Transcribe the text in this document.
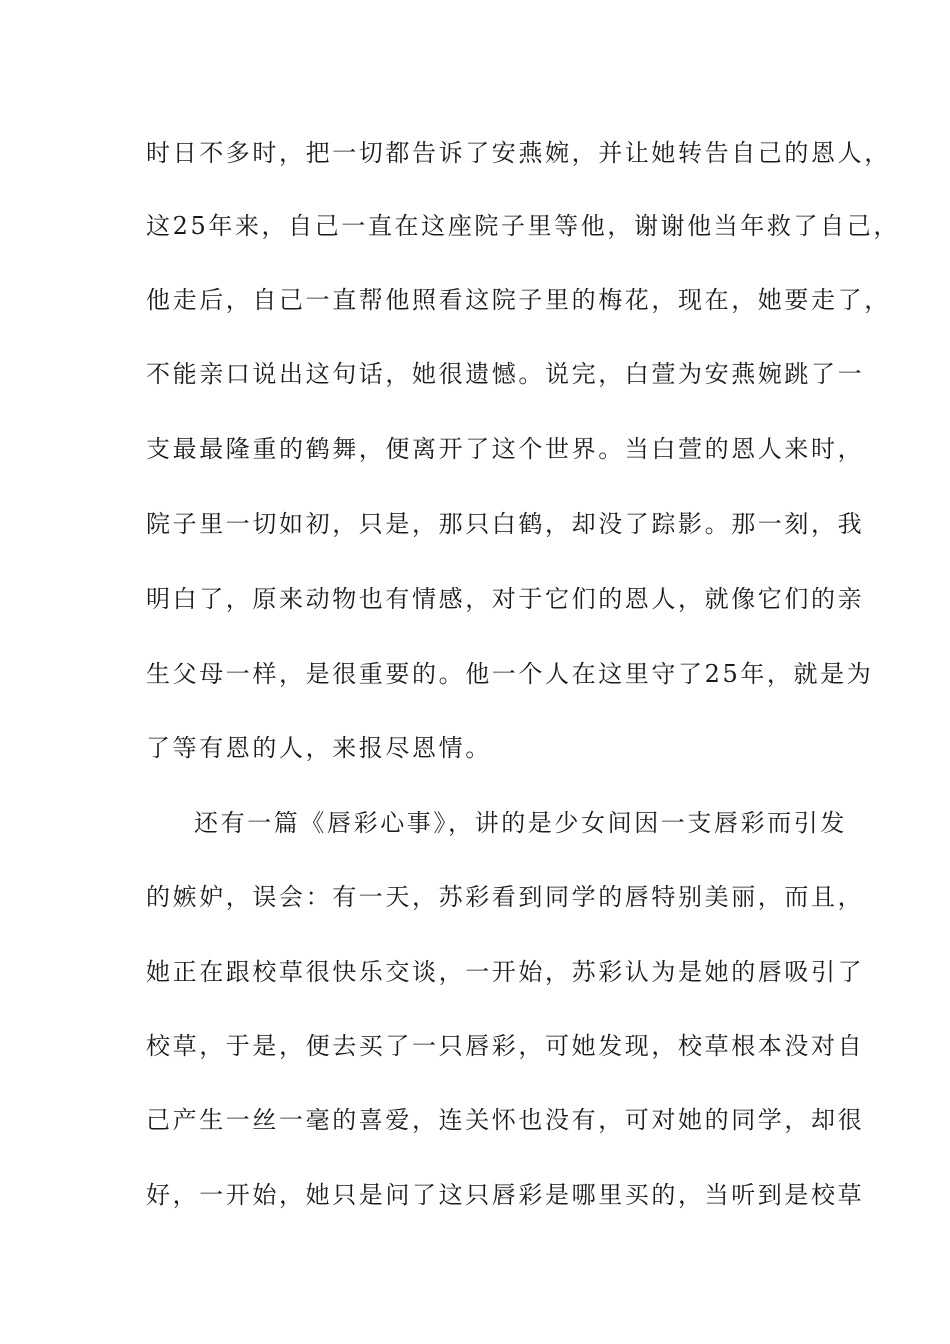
时日不多时，把一切都告诉了安燕婉，并让她转告自己的恩人，

这25年来，自己一直在这座院子里等他，谢谢他当年救了自己，

他走后，自己一直帮他照看这院子里的梅花，现在，她要走了，

不能亲口说出这句话，她很遗憾。说完，白萱为安燕婉跳了一

支最最隆重的鹤舞，便离开了这个世界。当白萱的恩人来时，

院子里一切如初，只是，那只白鹤，却没了踪影。那一刻，我

明白了，原来动物也有情感，对于它们的恩人，就像它们的亲

生父母一样，是很重要的。他一个人在这里守了25年，就是为

了等有恩的人，来报尽恩情。

还有一篇《唇彩心事》，讲的是少女间因一支唇彩而引发

的嫉妒，误会：有一天，苏彩看到同学的唇特别美丽，而且，

她正在跟校草很快乐交谈，一开始，苏彩认为是她的唇吸引了

校草，于是，便去买了一只唇彩，可她发现，校草根本没对自

己产生一丝一毫的喜爱，连关怀也没有，可对她的同学，却很

好，一开始，她只是问了这只唇彩是哪里买的，当听到是校草
